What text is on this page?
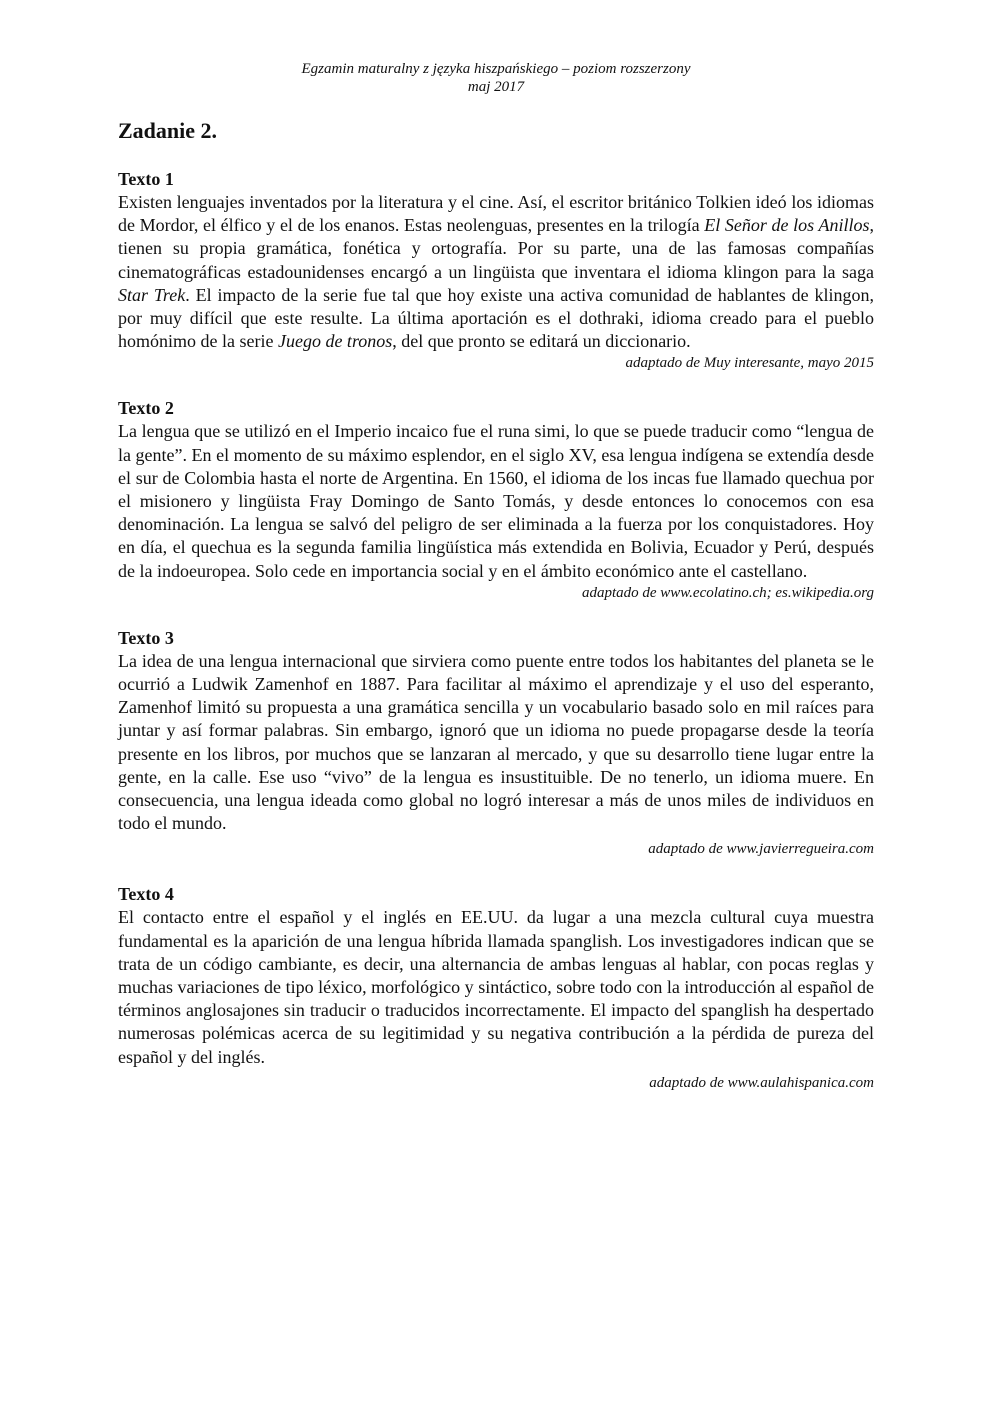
Egzamin maturalny z języka hiszpańskiego – poziom rozszerzony
maj 2017
Zadanie 2.
Texto 1
Existen lenguajes inventados por la literatura y el cine. Así, el escritor británico Tolkien ideó los idiomas de Mordor, el élfico y el de los enanos. Estas neolenguas, presentes en la trilogía El Señor de los Anillos, tienen su propia gramática, fonética y ortografía. Por su parte, una de las famosas compañías cinematográficas estadounidenses encargó a un lingüista que inventara el idioma klingon para la saga Star Trek. El impacto de la serie fue tal que hoy existe una activa comunidad de hablantes de klingon, por muy difícil que este resulte. La última aportación es el dothraki, idioma creado para el pueblo homónimo de la serie Juego de tronos, del que pronto se editará un diccionario.
adaptado de Muy interesante, mayo 2015
Texto 2
La lengua que se utilizó en el Imperio incaico fue el runa simi, lo que se puede traducir como “lengua de la gente”. En el momento de su máximo esplendor, en el siglo XV, esa lengua indígena se extendía desde el sur de Colombia hasta el norte de Argentina. En 1560, el idioma de los incas fue llamado quechua por el misionero y lingüista Fray Domingo de Santo Tomás, y desde entonces lo conocemos con esa denominación. La lengua se salvó del peligro de ser eliminada a la fuerza por los conquistadores. Hoy en día, el quechua es la segunda familia lingüística más extendida en Bolivia, Ecuador y Perú, después de la indoeuropea. Solo cede en importancia social y en el ámbito económico ante el castellano.
adaptado de www.ecolatino.ch; es.wikipedia.org
Texto 3
La idea de una lengua internacional que sirviera como puente entre todos los habitantes del planeta se le ocurrió a Ludwik Zamenhof en 1887. Para facilitar al máximo el aprendizaje y el uso del esperanto, Zamenhof limitó su propuesta a una gramática sencilla y un vocabulario basado solo en mil raíces para juntar y así formar palabras. Sin embargo, ignoró que un idioma no puede propagarse desde la teoría presente en los libros, por muchos que se lanzaran al mercado, y que su desarrollo tiene lugar entre la gente, en la calle. Ese uso “vivo” de la lengua es insustituible. De no tenerlo, un idioma muere. En consecuencia, una lengua ideada como global no logró interesar a más de unos miles de individuos en todo el mundo.
adaptado de www.javierregueira.com
Texto 4
El contacto entre el español y el inglés en EE.UU. da lugar a una mezcla cultural cuya muestra fundamental es la aparición de una lengua híbrida llamada spanglish. Los investigadores indican que se trata de un código cambiante, es decir, una alternancia de ambas lenguas al hablar, con pocas reglas y muchas variaciones de tipo léxico, morfológico y sintáctico, sobre todo con la introducción al español de términos anglosajones sin traducir o traducidos incorrectamente. El impacto del spanglish ha despertado numerosas polémicas acerca de su legitimidad y su negativa contribución a la pérdida de pureza del español y del inglés.
adaptado de www.aulahispanica.com
